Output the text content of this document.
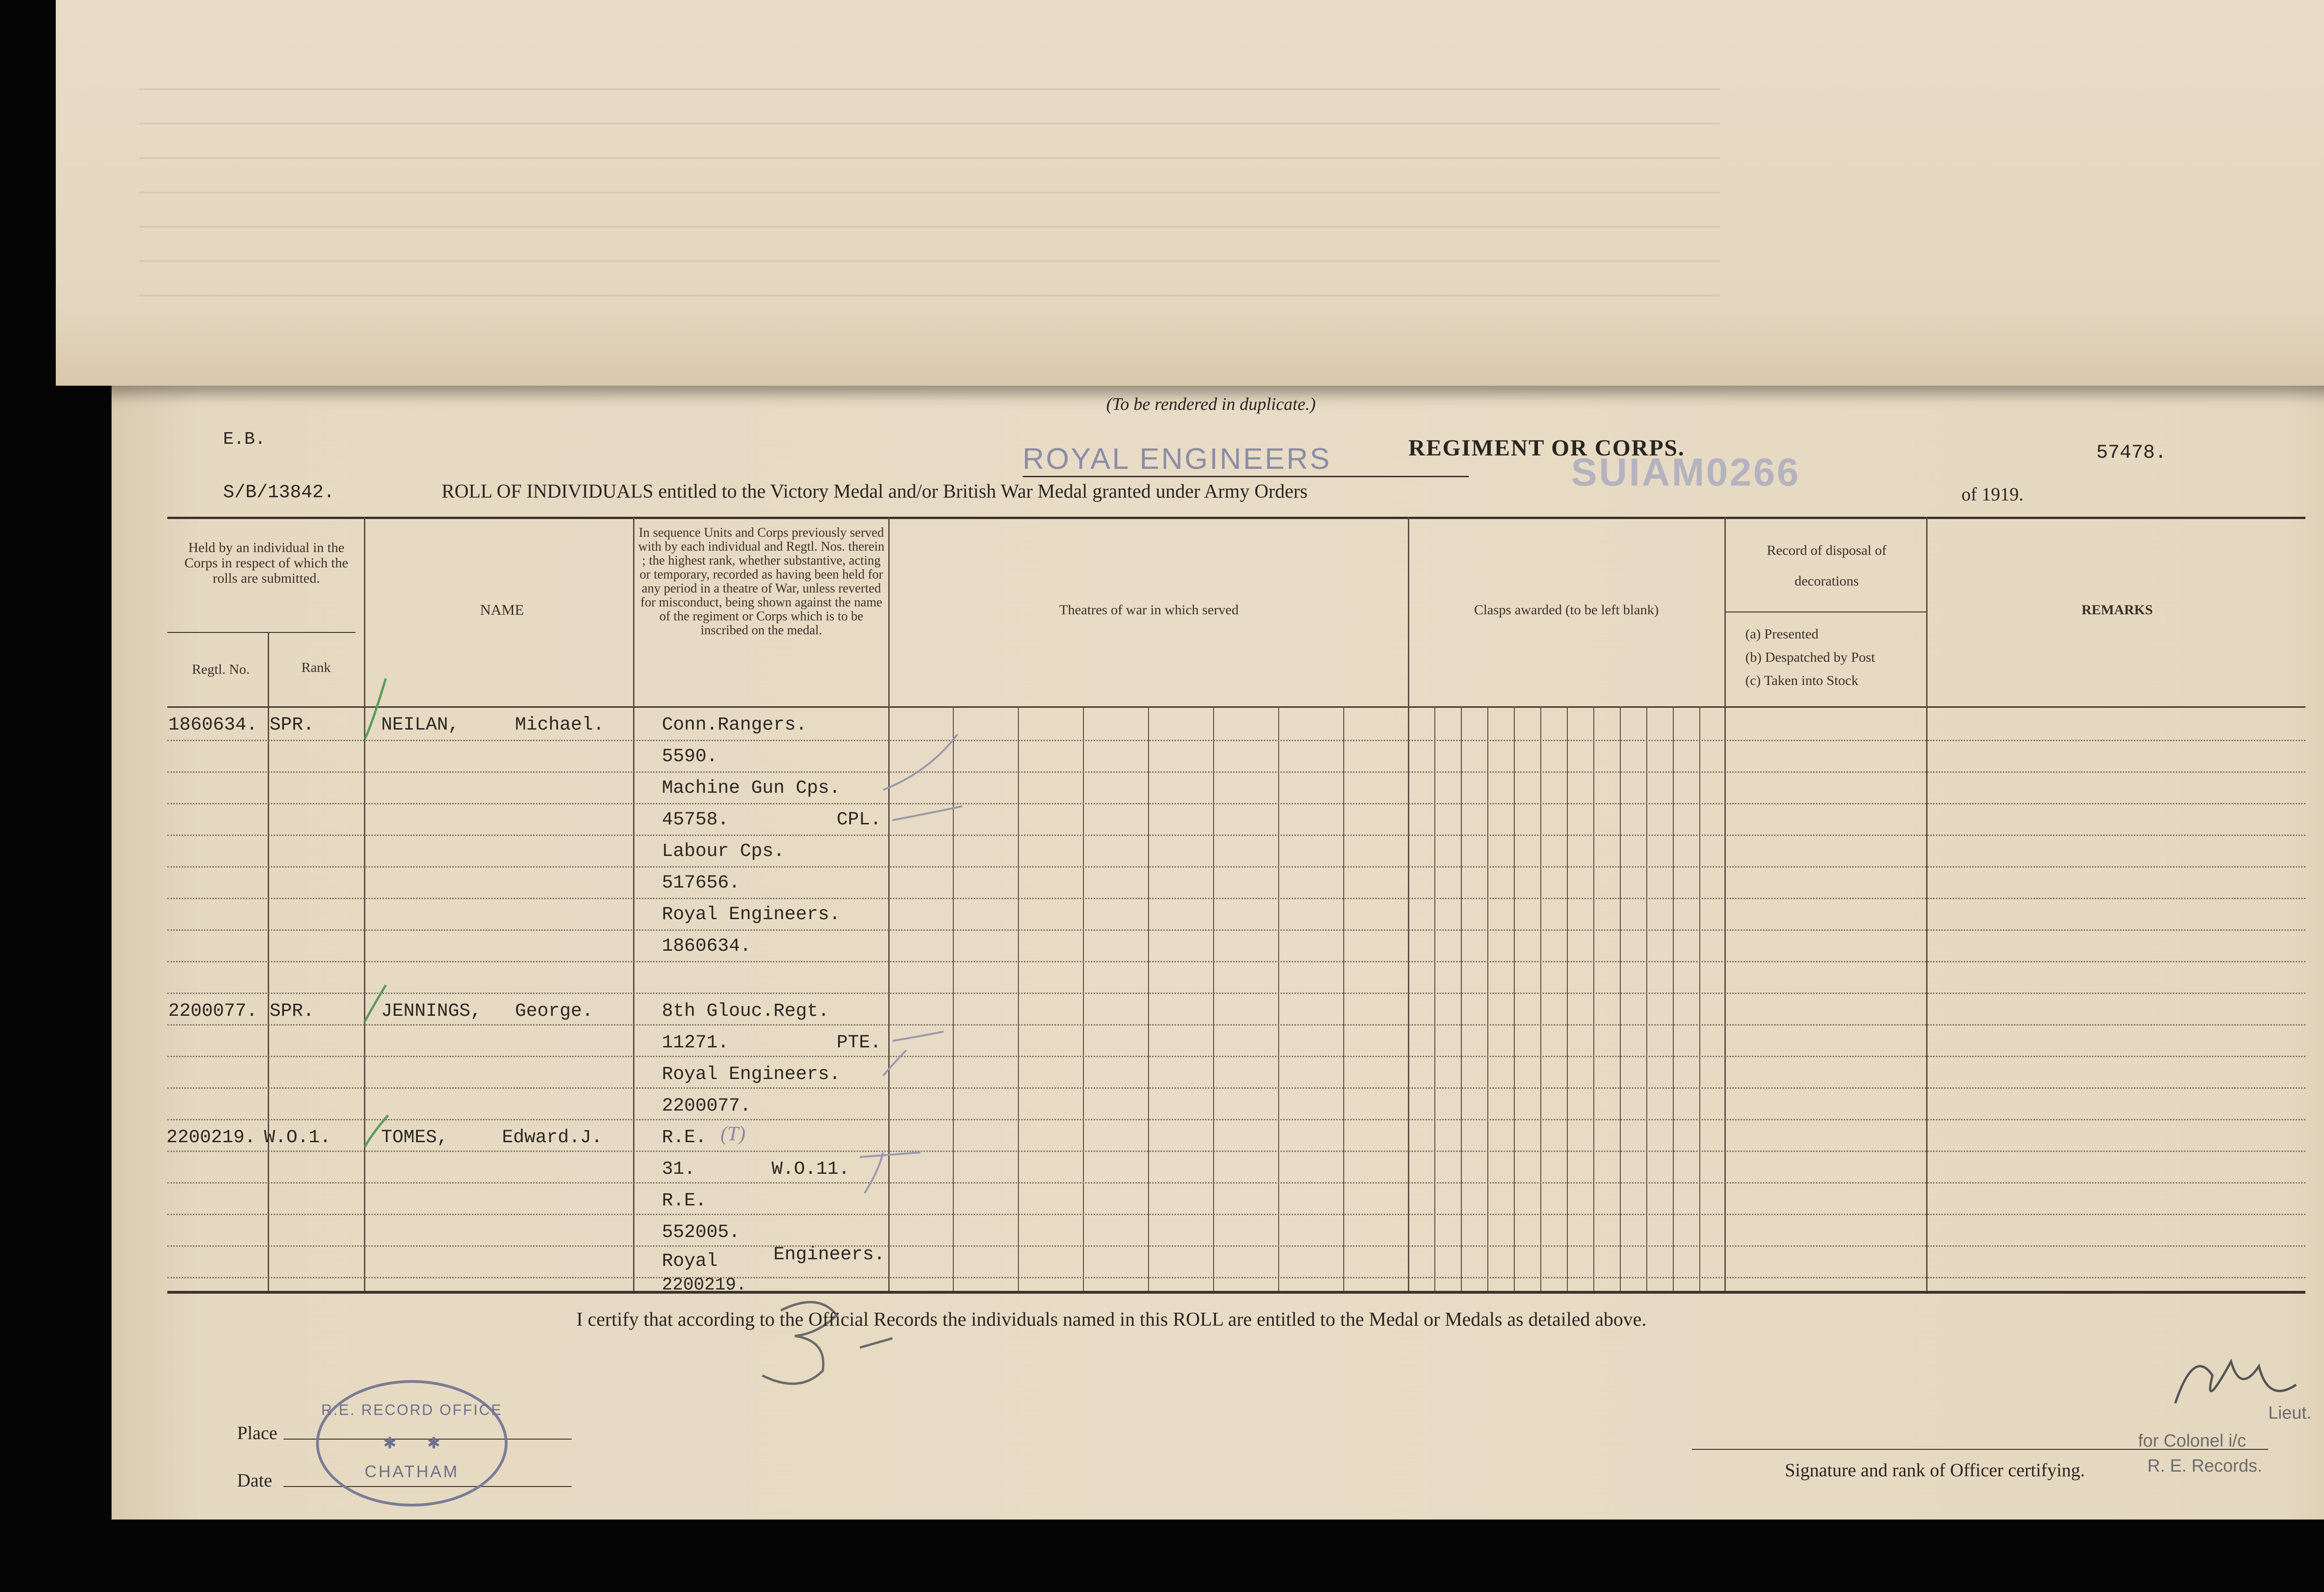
(To be rendered in duplicate.)
E.B.
ROYAL ENGINEERS	REGIMENT OR CORPS.
SUIAM0266	57478.
S/B/13842.	ROLL OF INDIVIDUALS entitled to the Victory Medal and/or British War Medal granted under Army Orders	of 1919.
Held by an individual in the Corps in respect of which the rolls are submitted.
Regtl. No.	Rank
NAME
In sequence Units and Corps previously served with by each individual and Regtl. Nos. therein ; the highest rank, whether substantive, acting or temporary, recorded as having been held for any period in a theatre of War, unless reverted for misconduct, being shown against the name of the regiment or Corps which is to be inscribed on the medal.
Theatres of war in which served	Clasps awarded (to be left blank)
Record of disposal of decorations
(a) Presented
(b) Despatched by Post
(c) Taken into Stock
REMARKS
1860634. SPR.	NEILAN,	Michael.	Conn.Rangers.
5590.
Machine Gun Cps.
45758.	CPL.
Labour Cps.
517656.
Royal Engineers.
1860634.
2200077. SPR.	JENNINGS, George.	8th Glouc.Regt.
11271.	PTE.
Royal Engineers.
2200077.
2200219. W.O.1.	TOMES,	Edward.J.	R.E. (T)
31.	W.O.11.
R.E.
552005.
Royal	Engineers.
2200219.
I certify that according to the Official Records the individuals named in this ROLL are entitled to the Medal or Medals as detailed above.
Place
Date
R.E. RECORD OFFICE
✱       ✱
CHATHAM	Signature and rank of Officer certifying.
Lieut.
for Colonel i/c
R. E. Records.
